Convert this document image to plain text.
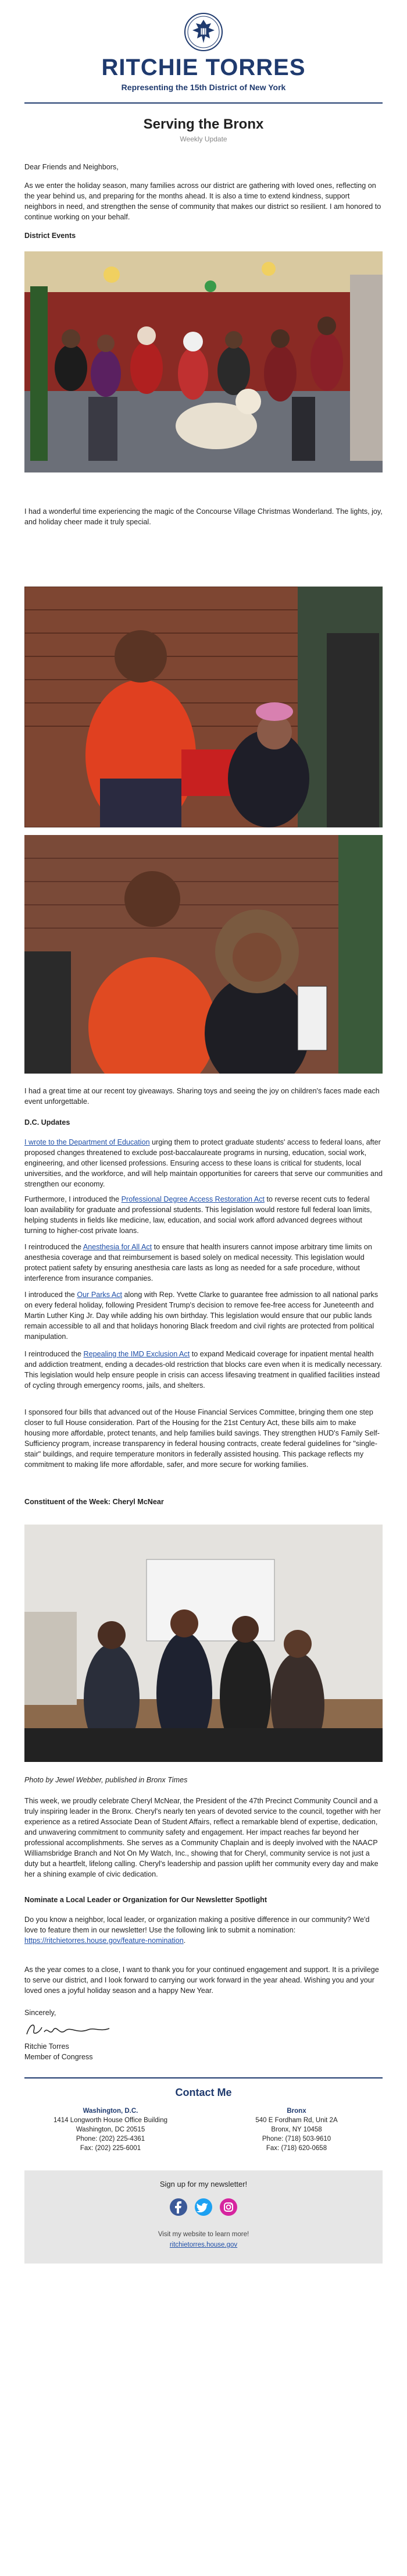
RITCHIE TORRES
Representing the 15th District of New York
Serving the Bronx
Weekly Update
Dear Friends and Neighbors,
As we enter the holiday season, many families across our district are gathering with loved ones, reflecting on the year behind us, and preparing for the months ahead. It is also a time to extend kindness, support neighbors in need, and strengthen the sense of community that makes our district so resilient. I am honored to continue working on your behalf.
District Events
I had a wonderful time experiencing the magic of the Concourse Village Christmas Wonderland. The lights, joy, and holiday cheer made it truly special.
I had a great time at our recent toy giveaways. Sharing toys and seeing the joy on children's faces made each event unforgettable.
D.C. Updates
I wrote to the Department of Education urging them to protect graduate students' access to federal loans, after proposed changes threatened to exclude post-baccalaureate programs in nursing, education, social work, engineering, and other licensed professions. Ensuring access to these loans is critical for students, local universities, and the workforce, and will help maintain opportunities for careers that serve our communities and strengthen our economy.
Furthermore, I introduced the Professional Degree Access Restoration Act to reverse recent cuts to federal loan availability for graduate and professional students. This legislation would restore full federal loan limits, helping students in fields like medicine, law, education, and social work afford advanced degrees without turning to higher-cost private loans.
I reintroduced the Anesthesia for All Act to ensure that health insurers cannot impose arbitrary time limits on anesthesia coverage and that reimbursement is based solely on medical necessity. This legislation would protect patient safety by ensuring anesthesia care lasts as long as needed for a safe procedure, without interference from insurance companies.
I introduced the Our Parks Act along with Rep. Yvette Clarke to guarantee free admission to all national parks on every federal holiday, following President Trump's decision to remove fee-free access for Juneteenth and Martin Luther King Jr. Day while adding his own birthday. This legislation would ensure that our public lands remain accessible to all and that holidays honoring Black freedom and civil rights are protected from political manipulation.
I reintroduced the Repealing the IMD Exclusion Act to expand Medicaid coverage for inpatient mental health and addiction treatment, ending a decades-old restriction that blocks care even when it is medically necessary. This legislation would help ensure people in crisis can access lifesaving treatment in qualified facilities instead of cycling through emergency rooms, jails, and shelters.
I sponsored four bills that advanced out of the House Financial Services Committee, bringing them one step closer to full House consideration. Part of the Housing for the 21st Century Act, these bills aim to make housing more affordable, protect tenants, and help families build savings. They strengthen HUD's Family Self-Sufficiency program, increase transparency in federal housing contracts, create federal guidelines for "single-stair" buildings, and require temperature monitors in federally assisted housing. This package reflects my commitment to making life more affordable, safer, and more secure for working families.
Constituent of the Week: Cheryl McNear
Photo by Jewel Webber, published in Bronx Times
This week, we proudly celebrate Cheryl McNear, the President of the 47th Precinct Community Council and a truly inspiring leader in the Bronx. Cheryl's nearly ten years of devoted service to the council, together with her experience as a retired Associate Dean of Student Affairs, reflect a remarkable blend of expertise, dedication, and unwavering commitment to community safety and engagement. Her impact reaches far beyond her professional accomplishments. She serves as a Community Chaplain and is deeply involved with the NAACP Williamsbridge Branch and Not On My Watch, Inc., showing that for Cheryl, community service is not just a duty but a heartfelt, lifelong calling. Cheryl's leadership and passion uplift her community every day and make her a shining example of civic dedication.
Nominate a Local Leader or Organization for Our Newsletter Spotlight
Do you know a neighbor, local leader, or organization making a positive difference in our community? We'd love to feature them in our newsletter! Use the following link to submit a nomination: https://ritchietorres.house.gov/feature-nomination.
As the year comes to a close, I want to thank you for your continued engagement and support. It is a privilege to serve our district, and I look forward to carrying our work forward in the year ahead. Wishing you and your loved ones a joyful holiday season and a happy New Year.
Sincerely,
Ritchie Torres
Member of Congress
Contact Me
Washington, D.C.
1414 Longworth House Office Building
Washington, DC 20515
Phone: (202) 225-4361
Fax: (202) 225-6001
Bronx
540 E Fordham Rd, Unit 2A
Bronx, NY 10458
Phone: (718) 503-9610
Fax: (718) 620-0658
Sign up for my newsletter!
Visit my website to learn more!
ritchietorres.house.gov
